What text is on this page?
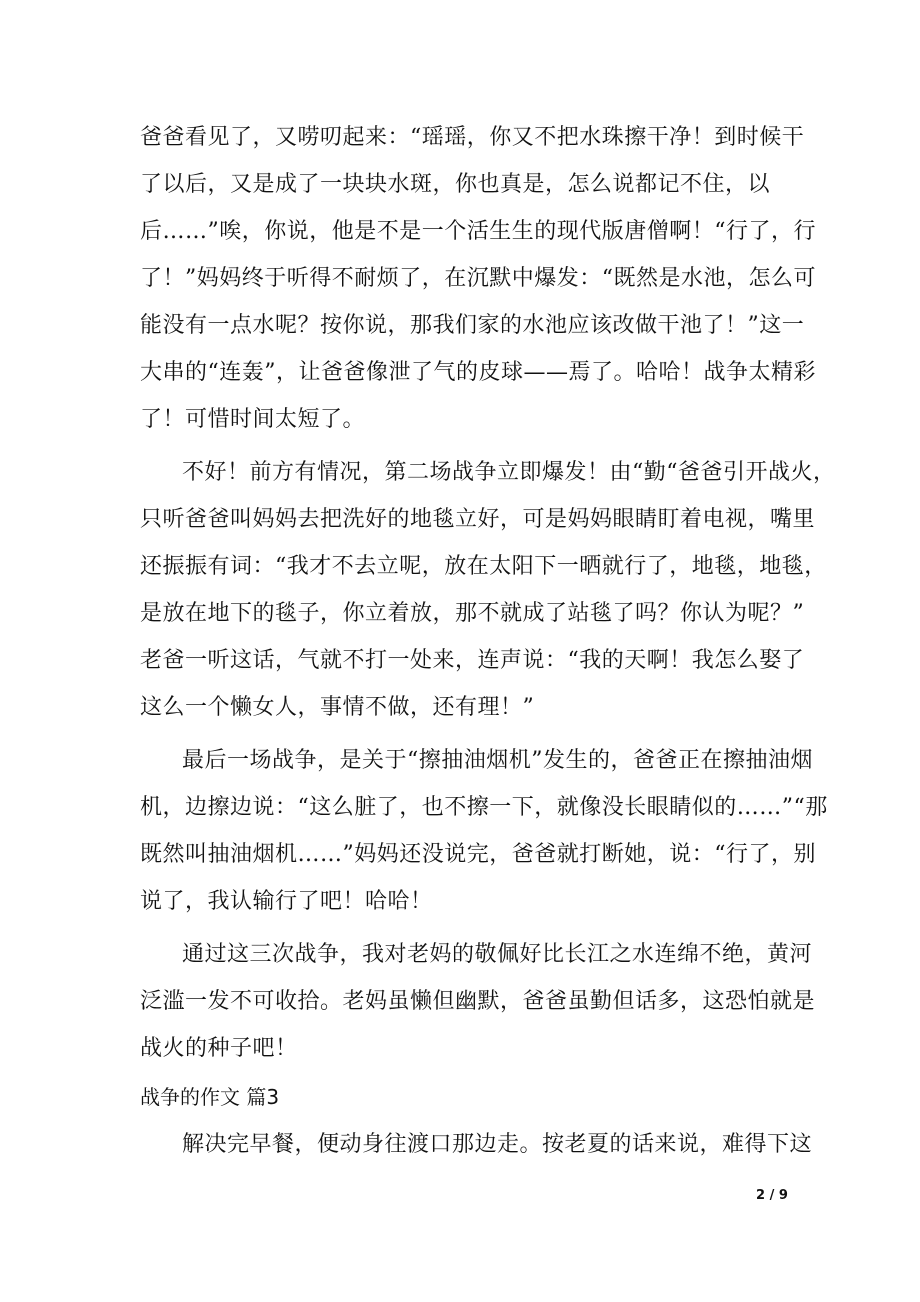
爸爸看见了，又唠叨起来：“瑶瑶，你又不把水珠擦干净！到时候干
了以后，又是成了一块块水斑，你也真是，怎么说都记不住，以
后……”唉，你说，他是不是一个活生生的现代版唐僧啊！“行了，行
了！”妈妈终于听得不耐烦了，在沉默中爆发：“既然是水池，怎么可
能没有一点水呢？按你说，那我们家的水池应该改做干池了！”这一
大串的“连轰”，让爸爸像泄了气的皮球——焉了。哈哈！战争太精彩
了！可惜时间太短了。
不好！前方有情况，第二场战争立即爆发！由“勤“爸爸引开战火，
只听爸爸叫妈妈去把洗好的地毯立好，可是妈妈眼睛盯着电视，嘴里
还振振有词：“我才不去立呢，放在太阳下一晒就行了，地毯，地毯，
是放在地下的毯子，你立着放，那不就成了站毯了吗？你认为呢？”
老爸一听这话，气就不打一处来，连声说：“我的天啊！我怎么娶了
这么一个懒女人，事情不做，还有理！”
最后一场战争，是关于“擦抽油烟机”发生的，爸爸正在擦抽油烟
机，边擦边说：“这么脏了，也不擦一下，就像没长眼睛似的……”“那
既然叫抽油烟机……”妈妈还没说完，爸爸就打断她，说：“行了，别
说了，我认输行了吧！哈哈！
通过这三次战争，我对老妈的敬佩好比长江之水连绵不绝，黄河
泛滥一发不可收拾。老妈虽懒但幽默，爸爸虽勤但话多，这恐怕就是
战火的种子吧！
战争的作文 篇3
解决完早餐，便动身往渡口那边走。按老夏的话来说，难得下这
2 / 9
